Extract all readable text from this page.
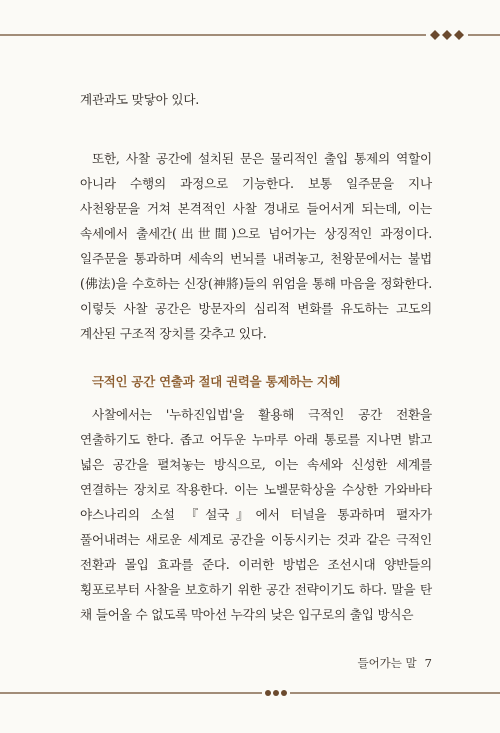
계관과도 맞닿아 있다.

또한, 사찰 공간에 설치된 문은 물리적인 출입 통제의 역할이 아니라 수행의 과정으로 기능한다. 보통 일주문을 지나 사천왕문을 거쳐 본격적인 사찰 경내로 들어서게 되는데, 이는 속세에서 출세간(出世間)으로 넘어가는 상징적인 과정이다. 일주문을 통과하며 세속의 번뇌를 내려놓고, 천왕문에서는 불법(佛法)을 수호하는 신장(神將)들의 위엄을 통해 마음을 정화한다. 이렇듯 사찰 공간은 방문자의 심리적 변화를 유도하는 고도의 계산된 구조적 장치를 갖추고 있다.

극적인 공간 연출과 절대 권력을 통제하는 지혜

사찰에서는 '누하진입법'을 활용해 극적인 공간 전환을 연출하기도 한다. 좁고 어두운 누마루 아래 통로를 지나면 밝고 넓은 공간을 펼쳐놓는 방식으로, 이는 속세와 신성한 세계를 연결하는 장치로 작용한다. 이는 노벨문학상을 수상한 가와바타 야스나리의 소설 『설국』에서 터널을 통과하며 펼자가 풀어내려는 새로운 세계로 공간을 이동시키는 것과 같은 극적인 전환과 몰입 효과를 준다. 이러한 방법은 조선시대 양반들의 횡포로부터 사찰을 보호하기 위한 공간 전략이기도 하다. 말을 탄 채 들어올 수 없도록 막아선 누각의 낮은 입구로의 출입 방식은

들어가는 말 7
